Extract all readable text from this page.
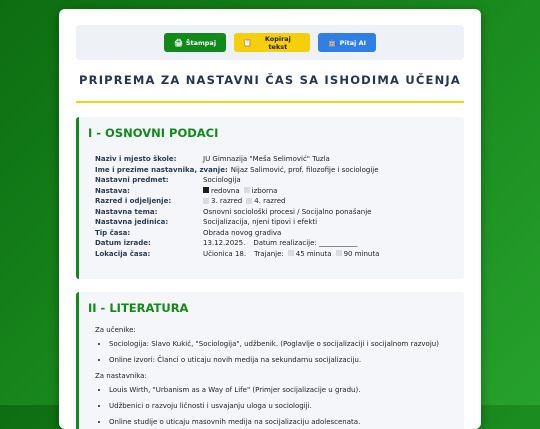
🖨 Štampaj	📋	Kopiraj tekst	🤖 Pitaj AI
PRIPREMA ZA NASTAVNI ČAS SA ISHODIMA UČENJA
I - OSNOVNI PODACI
Naziv i mjesto škole:	JU Gimnazija "Meša Selimović" Tuzla
Ime i prezime nastavnika, zvanje: Nijaz Salimović, prof. filozofije i sociologije
Nastavni predmet:	Sociologija
Nastava:	redovna izborna
Razred i odjeljenje:	3. razred 4. razred
Nastavna tema:	Osnovni sociološki procesi / Socijalno ponašanje
Nastavna jedinica:	Socijalizacija, njeni tipovi i efekti
Tip časa:	Obrada novog gradiva
Datum izrade:	13.12.2025. Datum realizacije: ___________
Lokacija časa:	Učionica 18. Trajanje: 45 minuta 90 minuta
II - LITERATURA
Za učenike:
• Sociologija: Slavo Kukić, "Sociologija", udžbenik. (Poglavlje o socijalizaciji i socijalnom razvoju)
• Online izvori: Članci o uticaju novih medija na sekundarnu socijalizaciju.
Za nastavnika:
• Louis Wirth, "Urbanism as a Way of Life" (Primjer socijalizacije u gradu).
• Udžbenici o razvoju ličnosti i usvajanju uloga u sociologiji.
• Online studije o uticaju masovnih medija na socijalizaciju adolescenata.
